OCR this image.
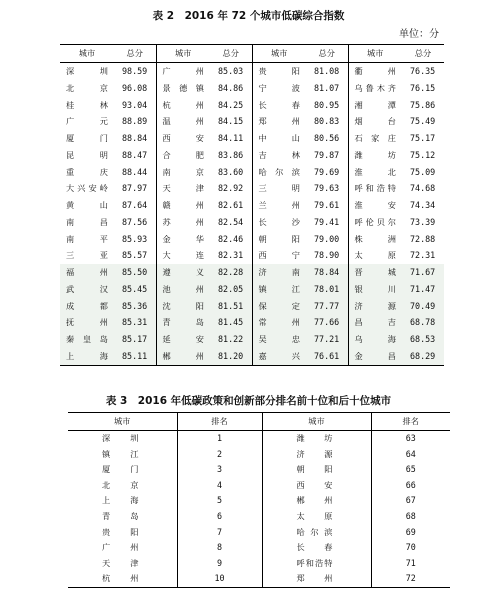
表 2　2016 年 72 个城市低碳综合指数
单位：分
城市	总分	城市	总分	城市	总分	城市	总分
深　圳	98.59	广　州	85.03	贵　阳	81.08	衢　州	76.35
北　京	96.08	景德镇	84.86	宁　波	81.07	乌鲁木齐	76.15
桂　林	93.04	杭　州	84.25	长　春	80.95	湘　潭	75.86
广　元	88.89	温　州	84.15	郑　州	80.83	烟　台	75.49
厦　门	88.84	西　安	84.11	中　山	80.56	石家庄	75.17
昆　明	88.47	合　肥	83.86	吉　林	79.87	潍　坊	75.12
重　庆	88.44	南　京	83.60	哈尔滨	79.69	淮　北	75.09
大兴安岭	87.97	天　津	82.92	三　明	79.63	呼和浩特	74.68
黄　山	87.64	赣　州	82.61	兰　州	79.61	淮　安	74.34
南　昌	87.56	苏　州	82.54	长　沙	79.41	呼伦贝尔	73.39
南　平	85.93	金　华	82.46	朝　阳	79.00	株　洲	72.88
三　亚	85.57	大　连	82.31	西　宁	78.90	太　原	72.31
福　州	85.50	遵　义	82.28	济　南	78.84	晋　城	71.67
武　汉	85.45	池　州	82.05	镇　江	78.01	银　川	71.47
成　都	85.36	沈　阳	81.51	保　定	77.77	济　源	70.49
抚　州	85.31	青　岛	81.45	常　州	77.66	昌　吉	68.78
秦皇岛	85.17	延　安	81.22	吴　忠	77.21	乌　海	68.53
上　海	85.11	郴　州	81.20	嘉　兴	76.61	金　昌	68.29
表 3　2016 年低碳政策和创新部分排名前十位和后十位城市
城市	排名	城市	排名
深　圳	1	潍　坊	63
镇　江	2	济　源	64
厦　门	3	朝　阳	65
北　京	4	西　安	66
上　海	5	郴　州	67
青　岛	6	太　原	68
贵　阳	7	哈尔滨	69
广　州	8	长　春	70
天　津	9	呼和浩特	71
杭　州	10	郑　州	72
